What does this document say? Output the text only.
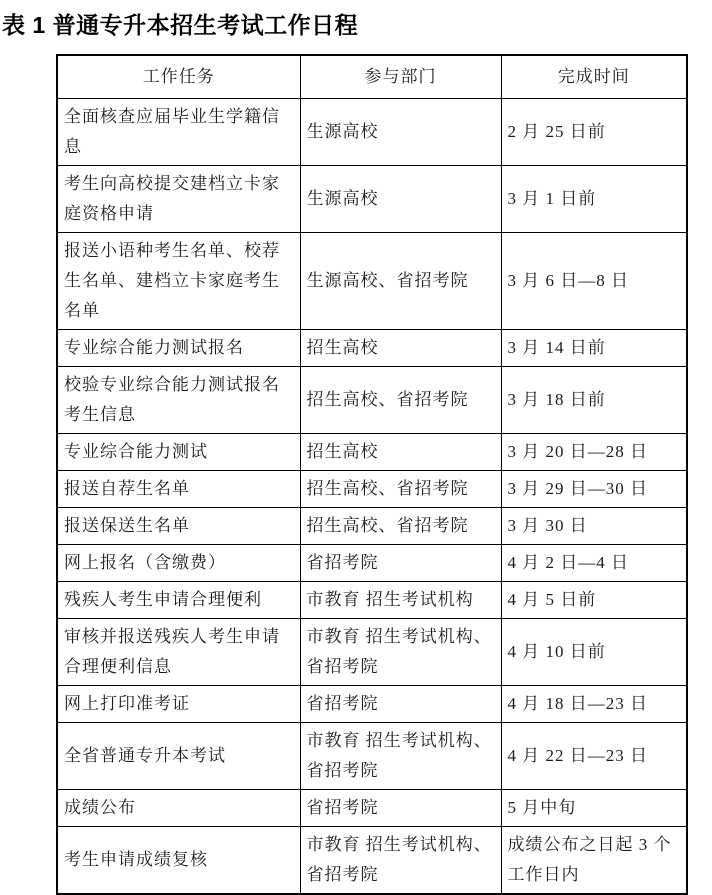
表 1 普通专升本招生考试工作日程
工作任务	参与部门	完成时间
全面核查应届毕业生学籍信息	生源高校	2 月 25 日前
考生向高校提交建档立卡家庭资格申请	生源高校	3 月 1 日前
报送小语种考生名单、校荐生名单、建档立卡家庭考生名单	生源高校、省招考院	3 月 6 日—8 日
专业综合能力测试报名	招生高校	3 月 14 日前
校验专业综合能力测试报名考生信息	招生高校、省招考院	3 月 18 日前
专业综合能力测试	招生高校	3 月 20 日—28 日
报送自荐生名单	招生高校、省招考院	3 月 29 日—30 日
报送保送生名单	招生高校、省招考院	3 月 30 日
网上报名（含缴费）	省招考院	4 月 2 日—4 日
残疾人考生申请合理便利	市教育 招生考试机构	4 月 5 日前
审核并报送残疾人考生申请合理便利信息	市教育 招生考试机构、省招考院	4 月 10 日前
网上打印准考证	省招考院	4 月 18 日—23 日
全省普通专升本考试	市教育 招生考试机构、省招考院	4 月 22 日—23 日
成绩公布	省招考院	5 月中旬
考生申请成绩复核	市教育 招生考试机构、省招考院	成绩公布之日起 3 个工作日内
